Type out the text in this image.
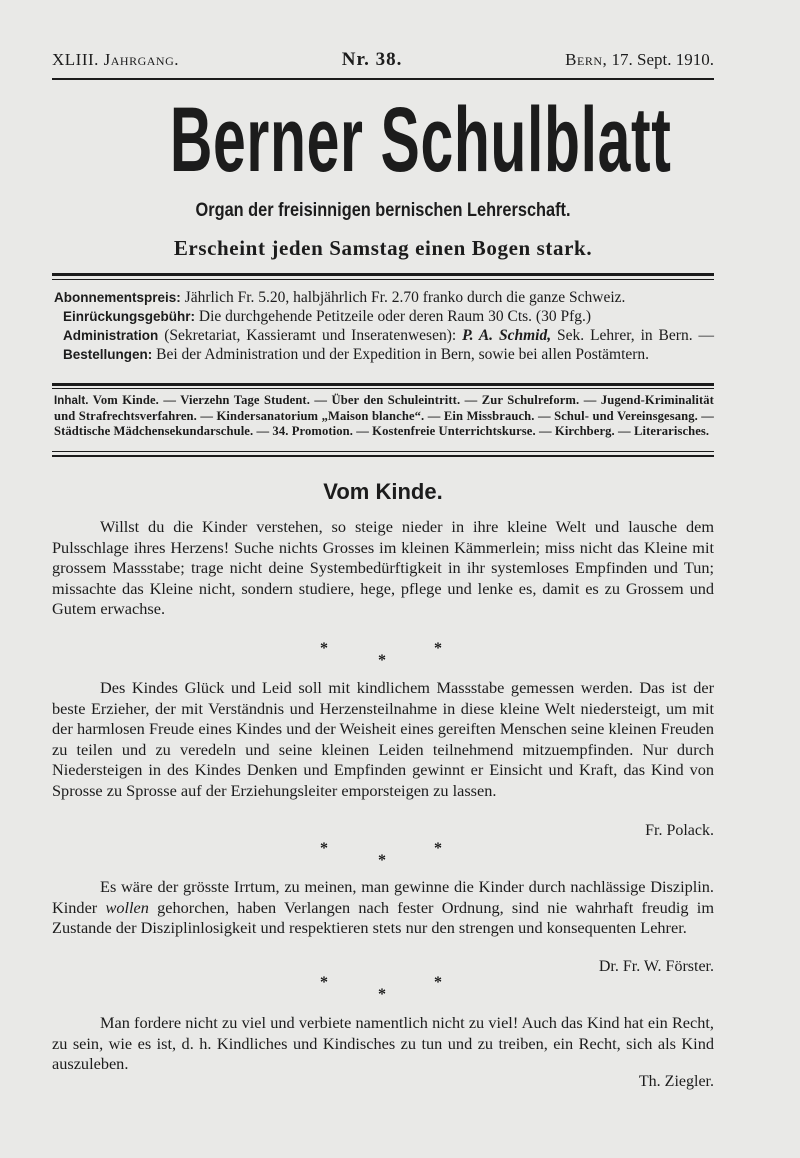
XLIII. Jahrgang.	Nr. 38.	Bern, 17. Sept. 1910.
Berner Schulblatt
Organ der freisinnigen bernischen Lehrerschaft.
Erscheint jeden Samstag einen Bogen stark.

Abonnementspreis: Jährlich Fr. 5.20, halbjährlich Fr. 2.70 franko durch die ganze Schweiz.

Einrückungsgebühr: Die durchgehende Petitzeile oder deren Raum 30 Cts. (30 Pfg.)

Administration (Sekretariat, Kassieramt und Inseratenwesen): P. A. Schmid, Sek. Lehrer, in Bern. — Bestellungen: Bei der Administration und der Expedition in Bern, sowie bei allen Postämtern.

Inhalt. Vom Kinde. — Vierzehn Tage Student. — Über den Schuleintritt. — Zur Schulreform. — Jugend-Kriminalität und Strafrechtsverfahren. — Kindersanatorium „Maison blanche“. — Ein Missbrauch. — Schul- und Vereinsgesang. — Städtische Mädchensekundarschule. — 34. Promotion. — Kostenfreie Unterrichtskurse. — Kirchberg. — Literarisches.
Vom Kinde.

Willst du die Kinder verstehen, so steige nieder in ihre kleine Welt und lausche dem Pulsschlage ihres Herzens! Suche nichts Grosses im kleinen Kämmerlein; miss nicht das Kleine mit grossem Massstabe; trage nicht deine Systembedürftigkeit in ihr systemloses Empfinden und Tun; missachte das Kleine nicht, sondern studiere, hege, pflege und lenke es, damit es zu Grossem und Gutem erwachse.

*	*
*

Des Kindes Glück und Leid soll mit kindlichem Massstabe gemessen werden. Das ist der beste Erzieher, der mit Verständnis und Herzensteilnahme in diese kleine Welt niedersteigt, um mit der harmlosen Freude eines Kindes und der Weisheit eines gereiften Menschen seine kleinen Freuden zu teilen und zu veredeln und seine kleinen Leiden teilnehmend mitzuempfinden. Nur durch Niedersteigen in des Kindes Denken und Empfinden gewinnt er Einsicht und Kraft, das Kind von Sprosse zu Sprosse auf der Erziehungsleiter emporsteigen zu lassen.

Fr. Polack.
*	*
*

Es wäre der grösste Irrtum, zu meinen, man gewinne die Kinder durch nachlässige Disziplin. Kinder wollen gehorchen, haben Verlangen nach fester Ordnung, sind nie wahrhaft freudig im Zustande der Disziplinlosigkeit und respektieren stets nur den strengen und konsequenten Lehrer.

Dr. Fr. W. Förster.
*	*
*

Man fordere nicht zu viel und verbiete namentlich nicht zu viel! Auch das Kind hat ein Recht, zu sein, wie es ist, d. h. Kindliches und Kindisches zu tun und zu treiben, ein Recht, sich als Kind auszuleben.

Th. Ziegler.
